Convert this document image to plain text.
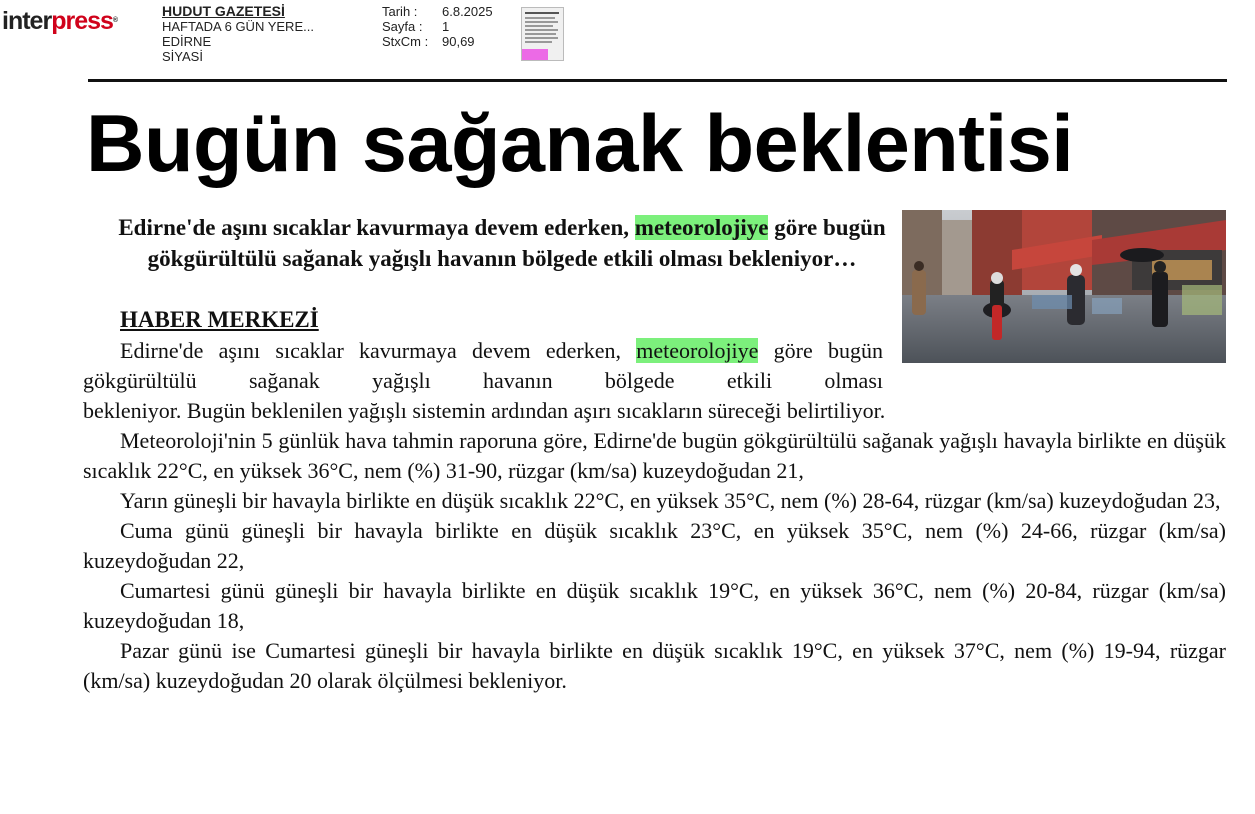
interpress®
HUDUT GAZETESİ
HAFTADA 6 GÜN YERE...
EDİRNE
SİYASİ
Tarih :	6.8.2025
Sayfa :	1
StxCm :	90,69
Bugün sağanak beklentisi
Edirne'de aşını sıcaklar kavurmaya devem ederken, meteorolojiye göre bugün gökgürültülü sağanak yağışlı havanın bölgede etkili olması bekleniyor…
HABER MERKEZİ

Edirne'de aşını sıcaklar kavurmaya devem ederken, meteorolojiye göre bugün gökgürültülü sağanak yağışlı havanın bölgede etkili olması

bekleniyor. Bugün beklenilen yağışlı sistemin ardından aşırı sıcakların süreceği belirtiliyor.

Meteoroloji'nin 5 günlük hava tahmin raporuna göre, Edirne'de bugün gökgürültülü sağanak yağışlı havayla birlikte en düşük sıcaklık 22°C, en yüksek 36°C, nem (%) 31-90, rüzgar (km/sa) kuzeydoğudan 21,

Yarın güneşli bir havayla birlikte en düşük sıcaklık 22°C, en yüksek 35°C, nem (%) 28-64, rüzgar (km/sa) kuzeydoğudan 23,

Cuma günü güneşli bir havayla birlikte en düşük sıcaklık 23°C, en yüksek 35°C, nem (%) 24-66, rüzgar (km/sa) kuzeydoğudan 22,

Cumartesi günü güneşli bir havayla birlikte en düşük sıcaklık 19°C, en yüksek 36°C, nem (%) 20-84, rüzgar (km/sa) kuzeydoğudan 18,

Pazar günü ise Cumartesi güneşli bir havayla birlikte en düşük sıcaklık 19°C, en yüksek 37°C, nem (%) 19-94, rüzgar (km/sa) kuzeydoğudan 20 olarak ölçülmesi bekleniyor.
